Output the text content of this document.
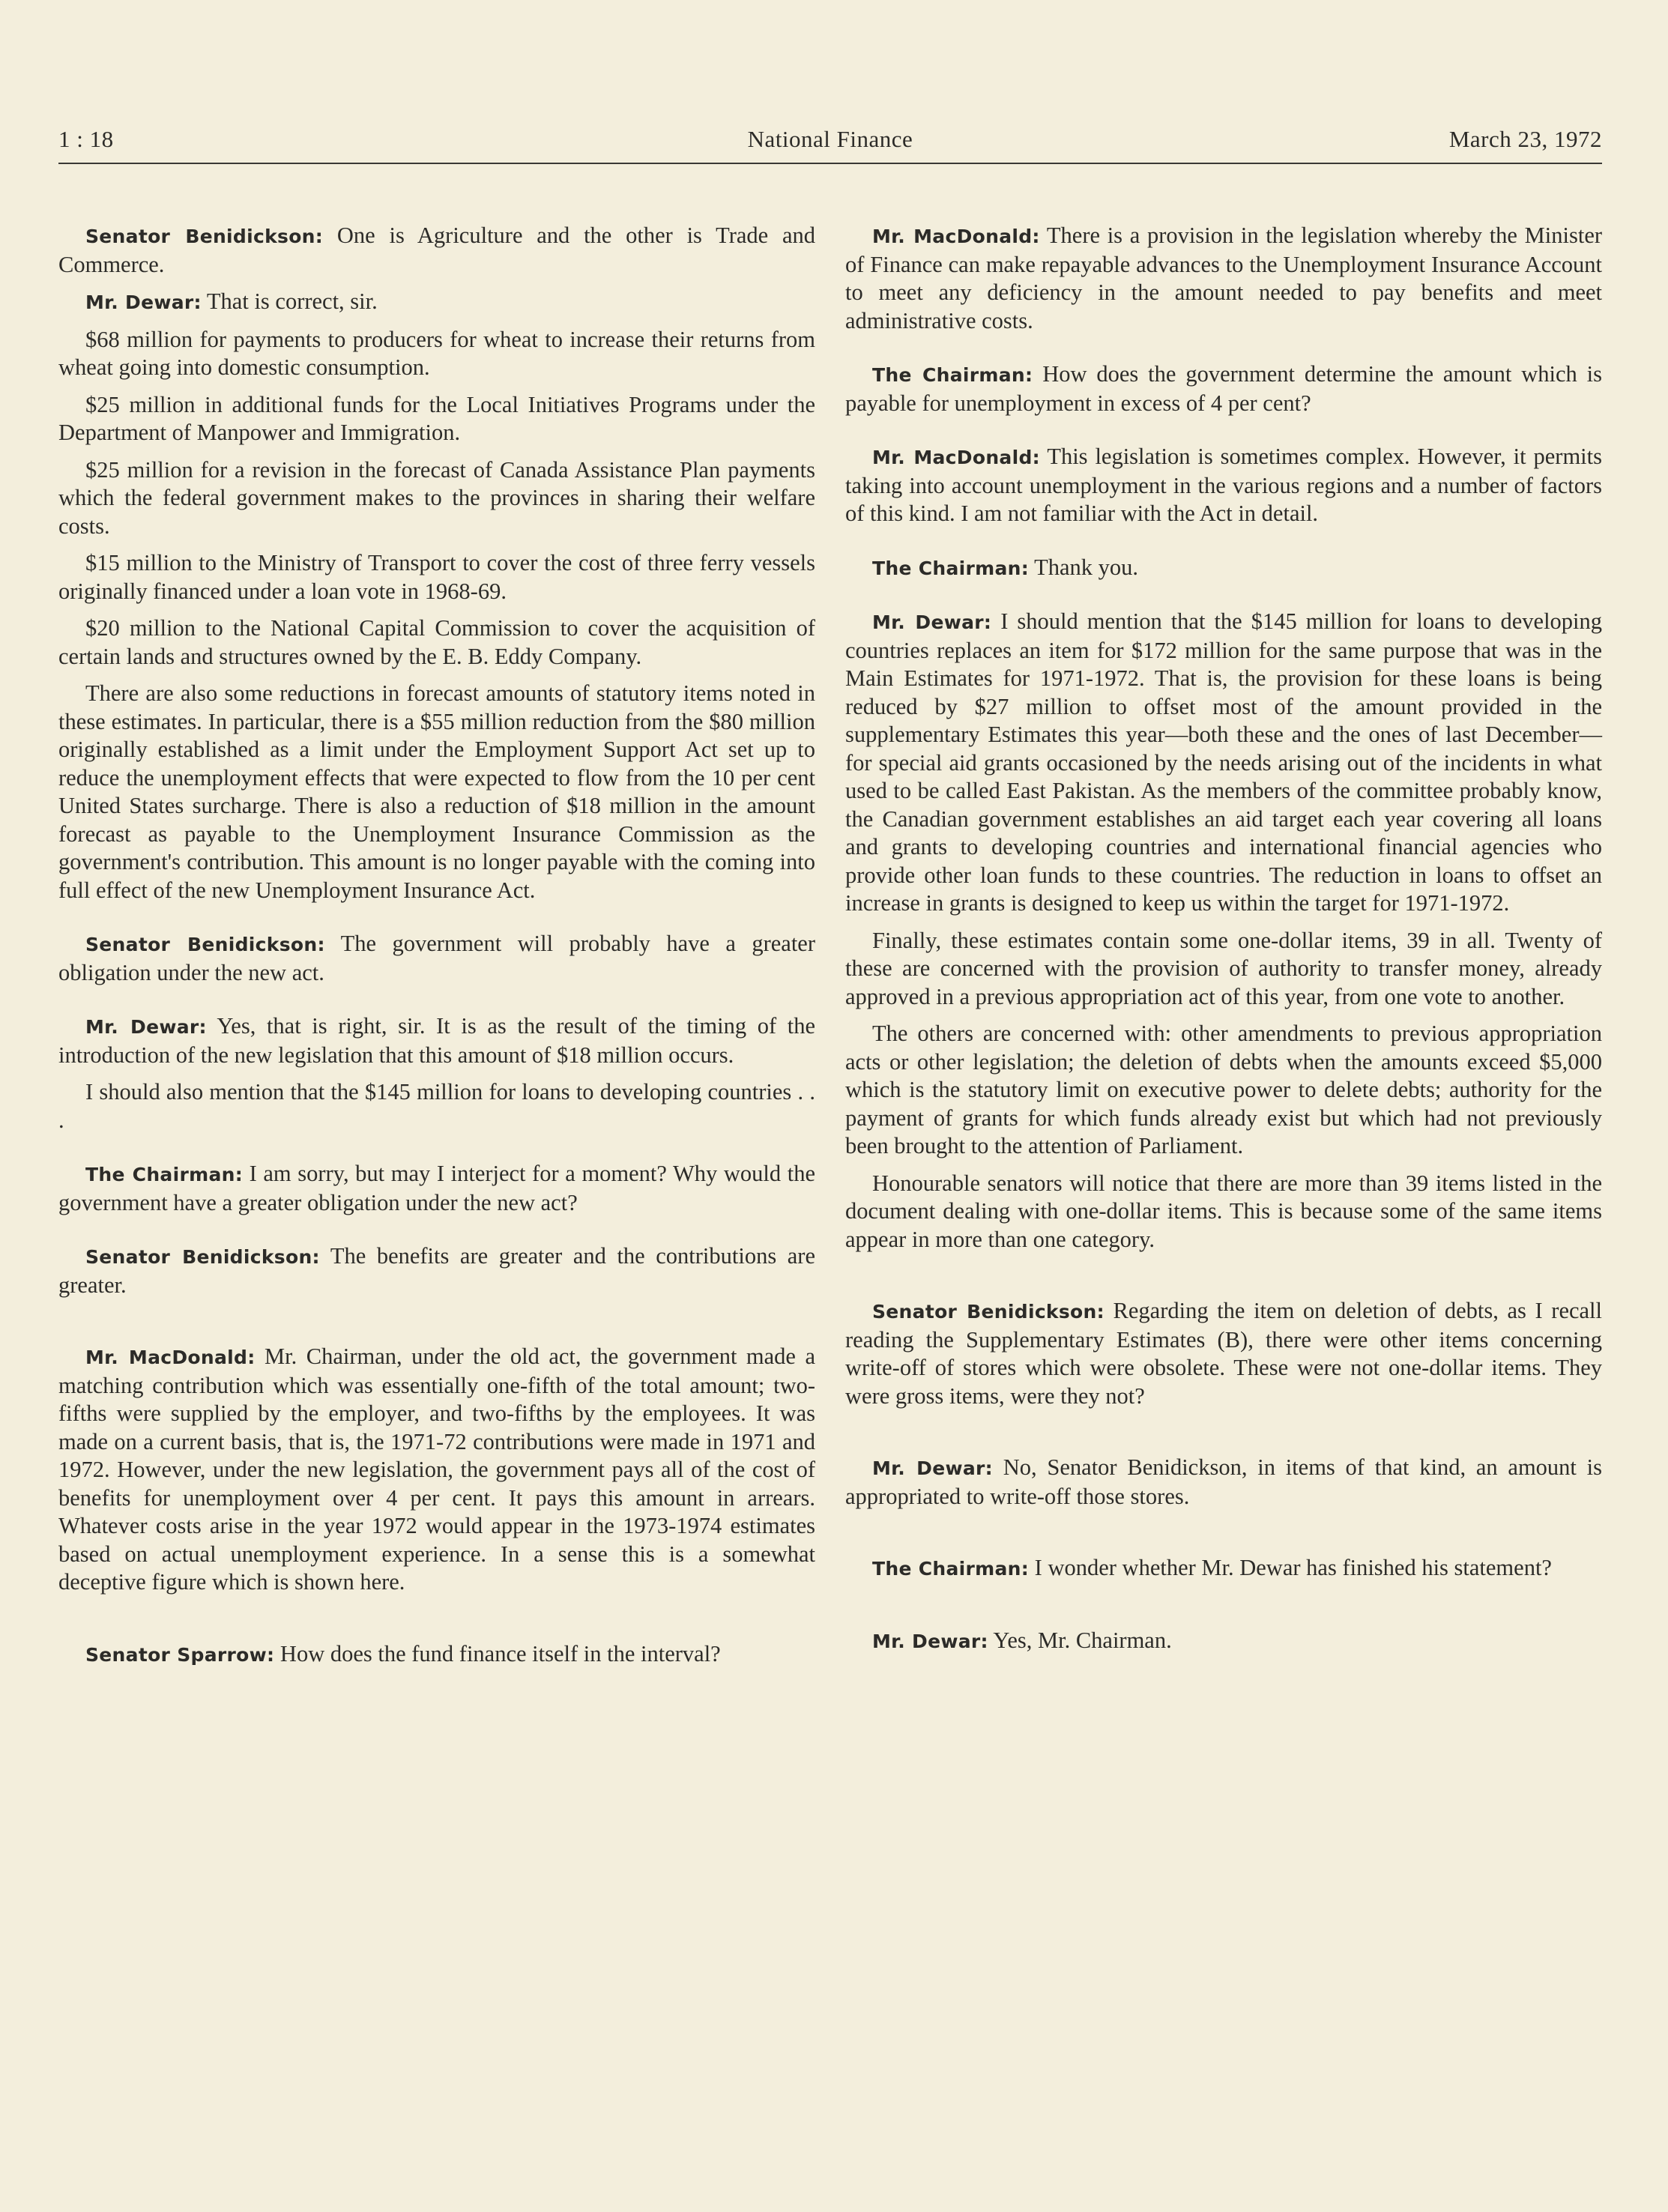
1 : 18	National Finance	March 23, 1972

Senator Benidickson: One is Agriculture and the other is Trade and Commerce.

Mr. Dewar: That is correct, sir.

$68 million for payments to producers for wheat to increase their returns from wheat going into domestic consumption.

$25 million in additional funds for the Local Initiatives Programs under the Department of Manpower and Immigration.

$25 million for a revision in the forecast of Canada Assistance Plan payments which the federal government makes to the provinces in sharing their welfare costs.

$15 million to the Ministry of Transport to cover the cost of three ferry vessels originally financed under a loan vote in 1968-69.

$20 million to the National Capital Commission to cover the acquisition of certain lands and structures owned by the E. B. Eddy Company.

There are also some reductions in forecast amounts of statutory items noted in these estimates. In particular, there is a $55 million reduction from the $80 million originally established as a limit under the Employment Support Act set up to reduce the unemployment effects that were expected to flow from the 10 per cent United States surcharge. There is also a reduction of $18 million in the amount forecast as payable to the Unemployment Insurance Commission as the government's contribution. This amount is no longer payable with the coming into full effect of the new Unemployment Insurance Act.

Senator Benidickson: The government will probably have a greater obligation under the new act.

Mr. Dewar: Yes, that is right, sir. It is as the result of the timing of the introduction of the new legislation that this amount of $18 million occurs.

I should also mention that the $145 million for loans to developing countries . . .

The Chairman: I am sorry, but may I interject for a moment? Why would the government have a greater obligation under the new act?

Senator Benidickson: The benefits are greater and the contributions are greater.

Mr. MacDonald: Mr. Chairman, under the old act, the government made a matching contribution which was essentially one-fifth of the total amount; two-fifths were supplied by the employer, and two-fifths by the employees. It was made on a current basis, that is, the 1971-72 contributions were made in 1971 and 1972. However, under the new legislation, the government pays all of the cost of benefits for unemployment over 4 per cent. It pays this amount in arrears. Whatever costs arise in the year 1972 would appear in the 1973-1974 estimates based on actual unemployment experience. In a sense this is a somewhat deceptive figure which is shown here.

Senator Sparrow: How does the fund finance itself in the interval?

Mr. MacDonald: There is a provision in the legislation whereby the Minister of Finance can make repayable advances to the Unemployment Insurance Account to meet any deficiency in the amount needed to pay benefits and meet administrative costs.

The Chairman: How does the government determine the amount which is payable for unemployment in excess of 4 per cent?

Mr. MacDonald: This legislation is sometimes complex. However, it permits taking into account unemployment in the various regions and a number of factors of this kind. I am not familiar with the Act in detail.

The Chairman: Thank you.

Mr. Dewar: I should mention that the $145 million for loans to developing countries replaces an item for $172 million for the same purpose that was in the Main Estimates for 1971-1972. That is, the provision for these loans is being reduced by $27 million to offset most of the amount provided in the supplementary Estimates this year—both these and the ones of last December—for special aid grants occasioned by the needs arising out of the incidents in what used to be called East Pakistan. As the members of the committee probably know, the Canadian government establishes an aid target each year covering all loans and grants to developing countries and international financial agencies who provide other loan funds to these countries. The reduction in loans to offset an increase in grants is designed to keep us within the target for 1971-1972.

Finally, these estimates contain some one-dollar items, 39 in all. Twenty of these are concerned with the provision of authority to transfer money, already approved in a previous appropriation act of this year, from one vote to another.

The others are concerned with: other amendments to previous appropriation acts or other legislation; the deletion of debts when the amounts exceed $5,000 which is the statutory limit on executive power to delete debts; authority for the payment of grants for which funds already exist but which had not previously been brought to the attention of Parliament.

Honourable senators will notice that there are more than 39 items listed in the document dealing with one-dollar items. This is because some of the same items appear in more than one category.

Senator Benidickson: Regarding the item on deletion of debts, as I recall reading the Supplementary Estimates (B), there were other items concerning write-off of stores which were obsolete. These were not one-dollar items. They were gross items, were they not?

Mr. Dewar: No, Senator Benidickson, in items of that kind, an amount is appropriated to write-off those stores.

The Chairman: I wonder whether Mr. Dewar has finished his statement?

Mr. Dewar: Yes, Mr. Chairman.
